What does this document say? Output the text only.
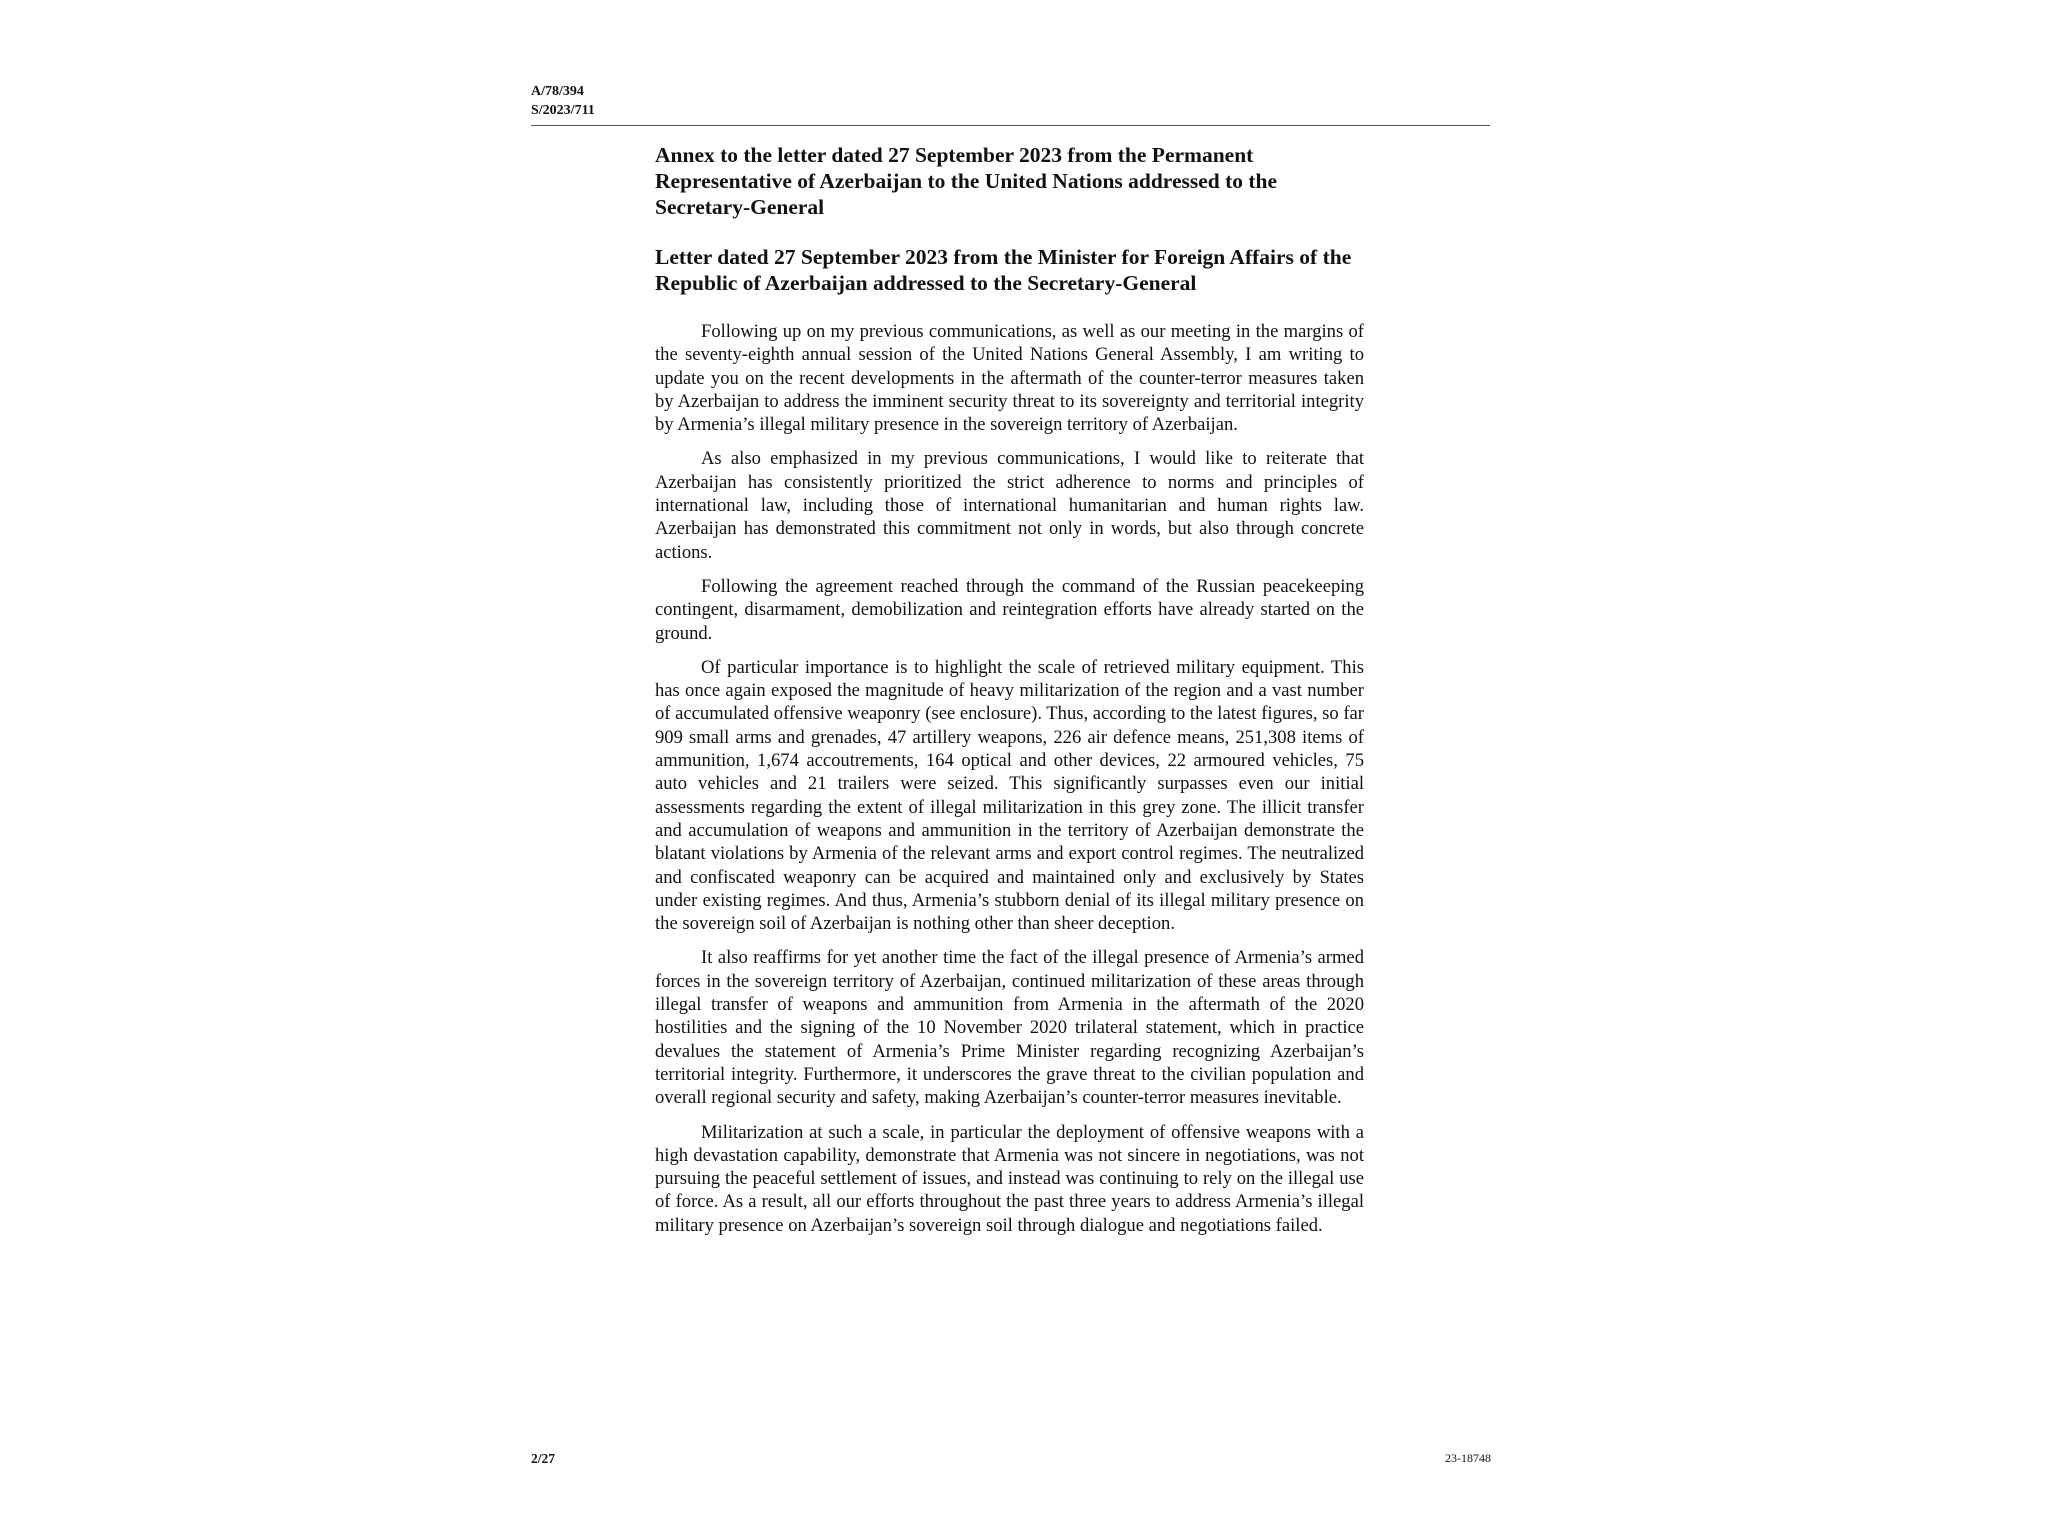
A/78/394
S/2023/711
Annex to the letter dated 27 September 2023 from the Permanent Representative of Azerbaijan to the United Nations addressed to the Secretary-General
Letter dated 27 September 2023 from the Minister for Foreign Affairs of the Republic of Azerbaijan addressed to the Secretary-General

Following up on my previous communications, as well as our meeting in the margins of the seventy-eighth annual session of the United Nations General Assembly, I am writing to update you on the recent developments in the aftermath of the counter-terror measures taken by Azerbaijan to address the imminent security threat to its sovereignty and territorial integrity by Armenia’s illegal military presence in the sovereign territory of Azerbaijan.

As also emphasized in my previous communications, I would like to reiterate that Azerbaijan has consistently prioritized the strict adherence to norms and principles of international law, including those of international humanitarian and human rights law. Azerbaijan has demonstrated this commitment not only in words, but also through concrete actions.

Following the agreement reached through the command of the Russian peacekeeping contingent, disarmament, demobilization and reintegration efforts have already started on the ground.

Of particular importance is to highlight the scale of retrieved military equipment. This has once again exposed the magnitude of heavy militarization of the region and a vast number of accumulated offensive weaponry (see enclosure). Thus, according to the latest figures, so far 909 small arms and grenades, 47 artillery weapons, 226 air defence means, 251,308 items of ammunition, 1,674 accoutrements, 164 optical and other devices, 22 armoured vehicles, 75 auto vehicles and 21 trailers were seized. This significantly surpasses even our initial assessments regarding the extent of illegal militarization in this grey zone. The illicit transfer and accumulation of weapons and ammunition in the territory of Azerbaijan demonstrate the blatant violations by Armenia of the relevant arms and export control regimes. The neutralized and confiscated weaponry can be acquired and maintained only and exclusively by States under existing regimes. And thus, Armenia’s stubborn denial of its illegal military presence on the sovereign soil of Azerbaijan is nothing other than sheer deception.

It also reaffirms for yet another time the fact of the illegal presence of Armenia’s armed forces in the sovereign territory of Azerbaijan, continued militarization of these areas through illegal transfer of weapons and ammunition from Armenia in the aftermath of the 2020 hostilities and the signing of the 10 November 2020 trilateral statement, which in practice devalues the statement of Armenia’s Prime Minister regarding recognizing Azerbaijan’s territorial integrity. Furthermore, it underscores the grave threat to the civilian population and overall regional security and safety, making Azerbaijan’s counter-terror measures inevitable.

Militarization at such a scale, in particular the deployment of offensive weapons with a high devastation capability, demonstrate that Armenia was not sincere in negotiations, was not pursuing the peaceful settlement of issues, and instead was continuing to rely on the illegal use of force. As a result, all our efforts throughout the past three years to address Armenia’s illegal military presence on Azerbaijan’s sovereign soil through dialogue and negotiations failed.

2/27	23-18748
